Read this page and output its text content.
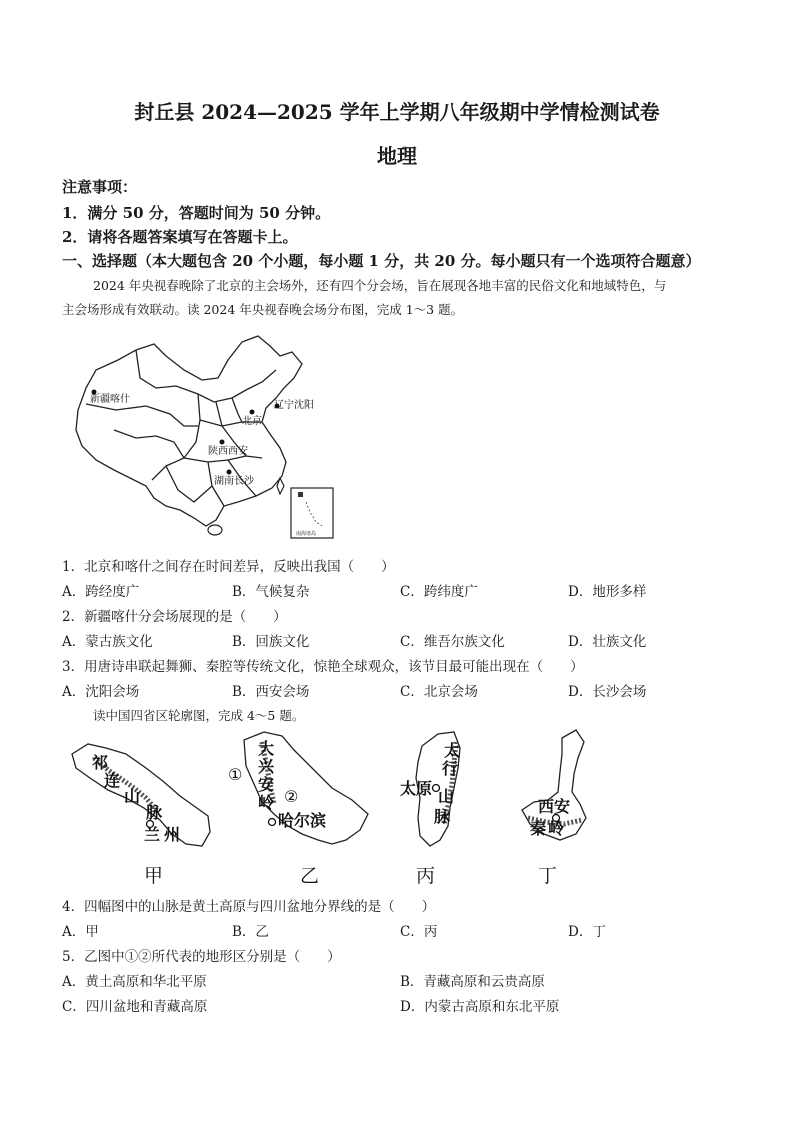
封丘县 2024—2025 学年上学期八年级期中学情检测试卷
地理
注意事项：
1．满分 50 分，答题时间为 50 分钟。
2．请将各题答案填写在答题卡上。
一、选择题（本大题包含 20 个小题，每小题 1 分，共 20 分。每小题只有一个选项符合题意）
2024 年央视春晚除了北京的主会场外，还有四个分会场，旨在展现各地丰富的民俗文化和地域特色，与
主会场形成有效联动。读 2024 年央视春晚会场分布图，完成 1～3 题。
南海诸岛
新疆喀什
北京
辽宁沈阳
陕西西安
湖南长沙
1．北京和喀什之间存在时间差异，反映出我国（　　）
A．跨经度广	B．气候复杂	C．跨纬度广	D．地形多样
2．新疆喀什分会场展现的是（　　）
A．蒙古族文化	B．回族文化	C．维吾尔族文化	D．壮族文化
3．用唐诗串联起舞狮、秦腔等传统文化，惊艳全球观众，该节目最可能出现在（　　）
A．沈阳会场	B．西安会场	C．北京会场	D．长沙会场
读中国四省区轮廓图，完成 4～5 题。
祁
连
山
脉
兰 州
甲
大
兴
安
岭
①
②
哈尔滨
乙
太
行
山
脉
太原
丙
西安
秦 岭
丁
4．四幅图中的山脉是黄土高原与四川盆地分界线的是（　　）
A．甲	B．乙	C．丙	D．丁
5．乙图中①②所代表的地形区分别是（　　）
A．黄土高原和华北平原	B．青藏高原和云贵高原
C．四川盆地和青藏高原	D．内蒙古高原和东北平原
